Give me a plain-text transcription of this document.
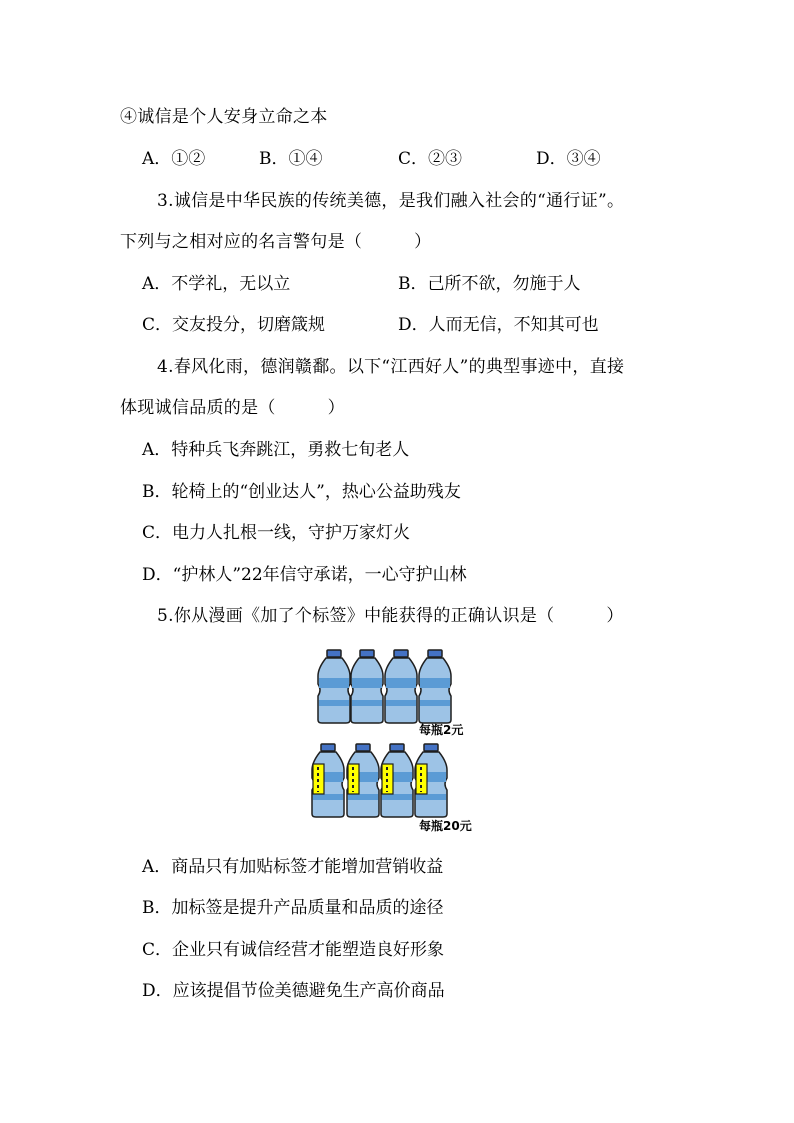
④诚信是个人安身立命之本
A．①②	B．①④	C．②③	D．③④
3.诚信是中华民族的传统美德，是我们融入社会的“通行证”。
下列与之相对应的名言警句是（　　　）
A．不学礼，无以立	B．己所不欲，勿施于人
C．交友投分，切磨箴规	D．人而无信，不知其可也
4.春风化雨，德润赣鄱。以下“江西好人”的典型事迹中，直接
体现诚信品质的是（　　　）
A．特种兵飞奔跳江，勇救七旬老人
B．轮椅上的“创业达人”，热心公益助残友
C．电力人扎根一线，守护万家灯火
D．“护林人”22年信守承诺，一心守护山林
5.你从漫画《加了个标签》中能获得的正确认识是（　　　）
每瓶2元
每瓶20元
A．商品只有加贴标签才能增加营销收益
B．加标签是提升产品质量和品质的途径
C．企业只有诚信经营才能塑造良好形象
D．应该提倡节俭美德避免生产高价商品
